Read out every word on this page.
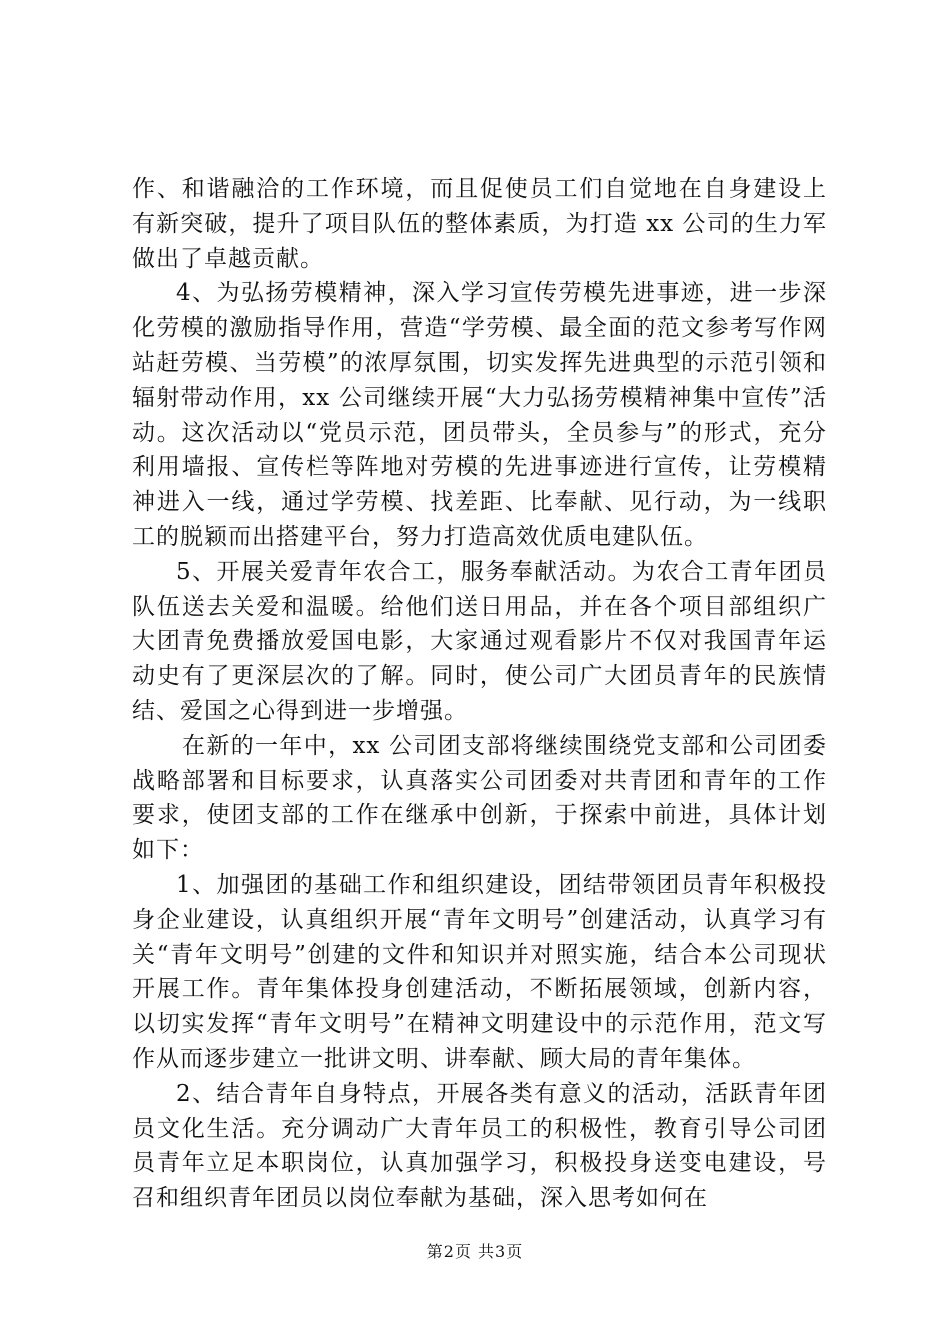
作、和谐融洽的工作环境，而且促使员工们自觉地在自身建设上有新突破，提升了项目队伍的整体素质，为打造 xx 公司的生力军做出了卓越贡献。

4、为弘扬劳模精神，深入学习宣传劳模先进事迹，进一步深化劳模的激励指导作用，营造“学劳模、最全面的范文参考写作网站赶劳模、当劳模”的浓厚氛围，切实发挥先进典型的示范引领和辐射带动作用，xx 公司继续开展“大力弘扬劳模精神集中宣传”活动。这次活动以“党员示范，团员带头，全员参与”的形式，充分利用墙报、宣传栏等阵地对劳模的先进事迹进行宣传，让劳模精神进入一线，通过学劳模、找差距、比奉献、见行动，为一线职工的脱颖而出搭建平台，努力打造高效优质电建队伍。

5、开展关爱青年农合工，服务奉献活动。为农合工青年团员队伍送去关爱和温暖。给他们送日用品，并在各个项目部组织广大团青免费播放爱国电影，大家通过观看影片不仅对我国青年运动史有了更深层次的了解。同时，使公司广大团员青年的民族情结、爱国之心得到进一步增强。

在新的一年中，xx 公司团支部将继续围绕党支部和公司团委战略部署和目标要求，认真落实公司团委对共青团和青年的工作要求，使团支部的工作在继承中创新，于探索中前进，具体计划如下：

1、加强团的基础工作和组织建设，团结带领团员青年积极投身企业建设，认真组织开展“青年文明号”创建活动，认真学习有关“青年文明号”创建的文件和知识并对照实施，结合本公司现状开展工作。青年集体投身创建活动，不断拓展领域，创新内容，以切实发挥“青年文明号”在精神文明建设中的示范作用，范文写作从而逐步建立一批讲文明、讲奉献、顾大局的青年集体。

2、结合青年自身特点，开展各类有意义的活动，活跃青年团员文化生活。充分调动广大青年员工的积极性，教育引导公司团员青年立足本职岗位，认真加强学习，积极投身送变电建设，号召和组织青年团员以岗位奉献为基础，深入思考如何在

第2页 共3页
